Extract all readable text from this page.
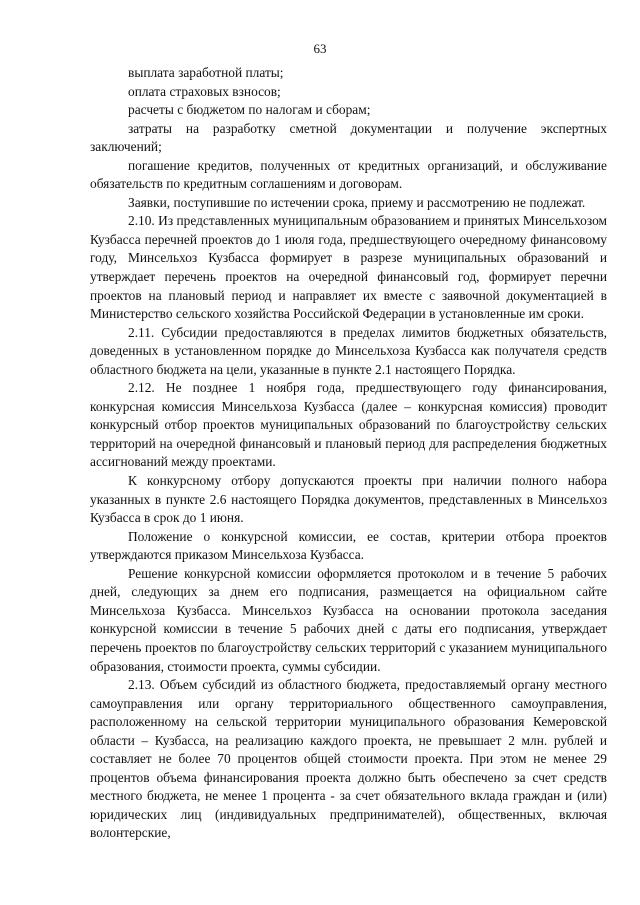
63

выплата заработной платы;

оплата страховых взносов;

расчеты с бюджетом по налогам и сборам;

затраты на разработку сметной документации и получение экспертных заключений;

погашение кредитов, полученных от кредитных организаций, и обслуживание обязательств по кредитным соглашениям и договорам.

Заявки, поступившие по истечении срока, приему и рассмотрению не подлежат.

2.10. Из представленных муниципальным образованием и принятых Минсельхозом Кузбасса перечней проектов до 1 июля года, предшествующего очередному финансовому году, Минсельхоз Кузбасса формирует в разрезе муниципальных образований и утверждает перечень проектов на очередной финансовый год, формирует перечни проектов на плановый период и направляет их вместе с заявочной документацией в Министерство сельского хозяйства Российской Федерации в установленные им сроки.

2.11. Субсидии предоставляются в пределах лимитов бюджетных обязательств, доведенных в установленном порядке до Минсельхоза Кузбасса как получателя средств областного бюджета на цели, указанные в пункте 2.1 настоящего Порядка.

2.12. Не позднее 1 ноября года, предшествующего году финансирования, конкурсная комиссия Минсельхоза Кузбасса (далее – конкурсная комиссия) проводит конкурсный отбор проектов муниципальных образований по благоустройству сельских территорий на очередной финансовый и плановый период для распределения бюджетных ассигнований между проектами.

К конкурсному отбору допускаются проекты при наличии полного набора указанных в пункте 2.6 настоящего Порядка документов, представленных в Минсельхоз Кузбасса в срок до 1 июня.

Положение о конкурсной комиссии, ее состав, критерии отбора проектов утверждаются приказом Минсельхоза Кузбасса.

Решение конкурсной комиссии оформляется протоколом и в течение 5 рабочих дней, следующих за днем его подписания, размещается на официальном сайте Минсельхоза Кузбасса. Минсельхоз Кузбасса на основании протокола заседания конкурсной комиссии в течение 5 рабочих дней с даты его подписания, утверждает перечень проектов по благоустройству сельских территорий с указанием муниципального образования, стоимости проекта, суммы субсидии.

2.13. Объем субсидий из областного бюджета, предоставляемый органу местного самоуправления или органу территориального общественного самоуправления, расположенному на сельской территории муниципального образования Кемеровской области – Кузбасса, на реализацию каждого проекта, не превышает 2 млн. рублей и составляет не более 70 процентов общей стоимости проекта. При этом не менее 29 процентов объема финансирования проекта должно быть обеспечено за счет средств местного бюджета, не менее 1 процента - за счет обязательного вклада граждан и (или) юридических лиц (индивидуальных предпринимателей), общественных, включая волонтерские,
